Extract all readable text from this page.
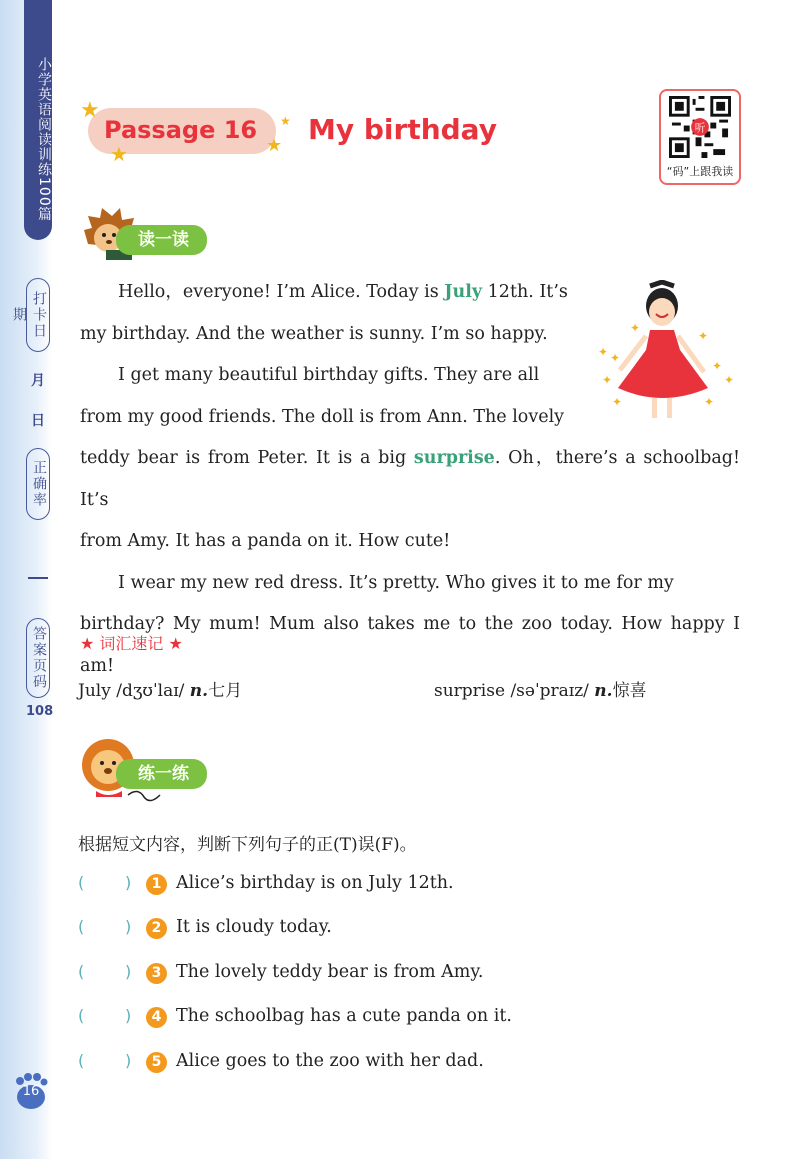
小学英语阅读训练100篇
打卡日期
月
日
正确率
答案页码
108
16
Passage 16
★
★	★
★ My birthday	听
“码”上跟我读
读一读
✦ ✦
✦
✦
✦
✦
✦
✦
✦

Hello，everyone! I’m Alice. Today is July 12th. It’s

my birthday. And the weather is sunny. I’m so happy.

I get many beautiful birthday gifts. They are all

from my good friends. The doll is from Ann. The lovely

teddy bear is from Peter. It is a big surprise. Oh，there’s a schoolbag! It’s

from Amy. It has a panda on it. How cute!

I wear my new red dress. It’s pretty. Who gives it to me for my

birthday? My mum! Mum also takes me to the zoo today. How happy I am!

★ 词汇速记 ★
July /dʒʊˈlaɪ/ n.七月	surprise /səˈpraɪz/ n.惊喜
练一练
根据短文内容，判断下列句子的正(T)误(F)。
(	)	1 Alice’s birthday is on July 12th.
(	)	2 It is cloudy today.
(	)	3 The lovely teddy bear is from Amy.
(	)	4 The schoolbag has a cute panda on it.
(	)	5 Alice goes to the zoo with her dad.
